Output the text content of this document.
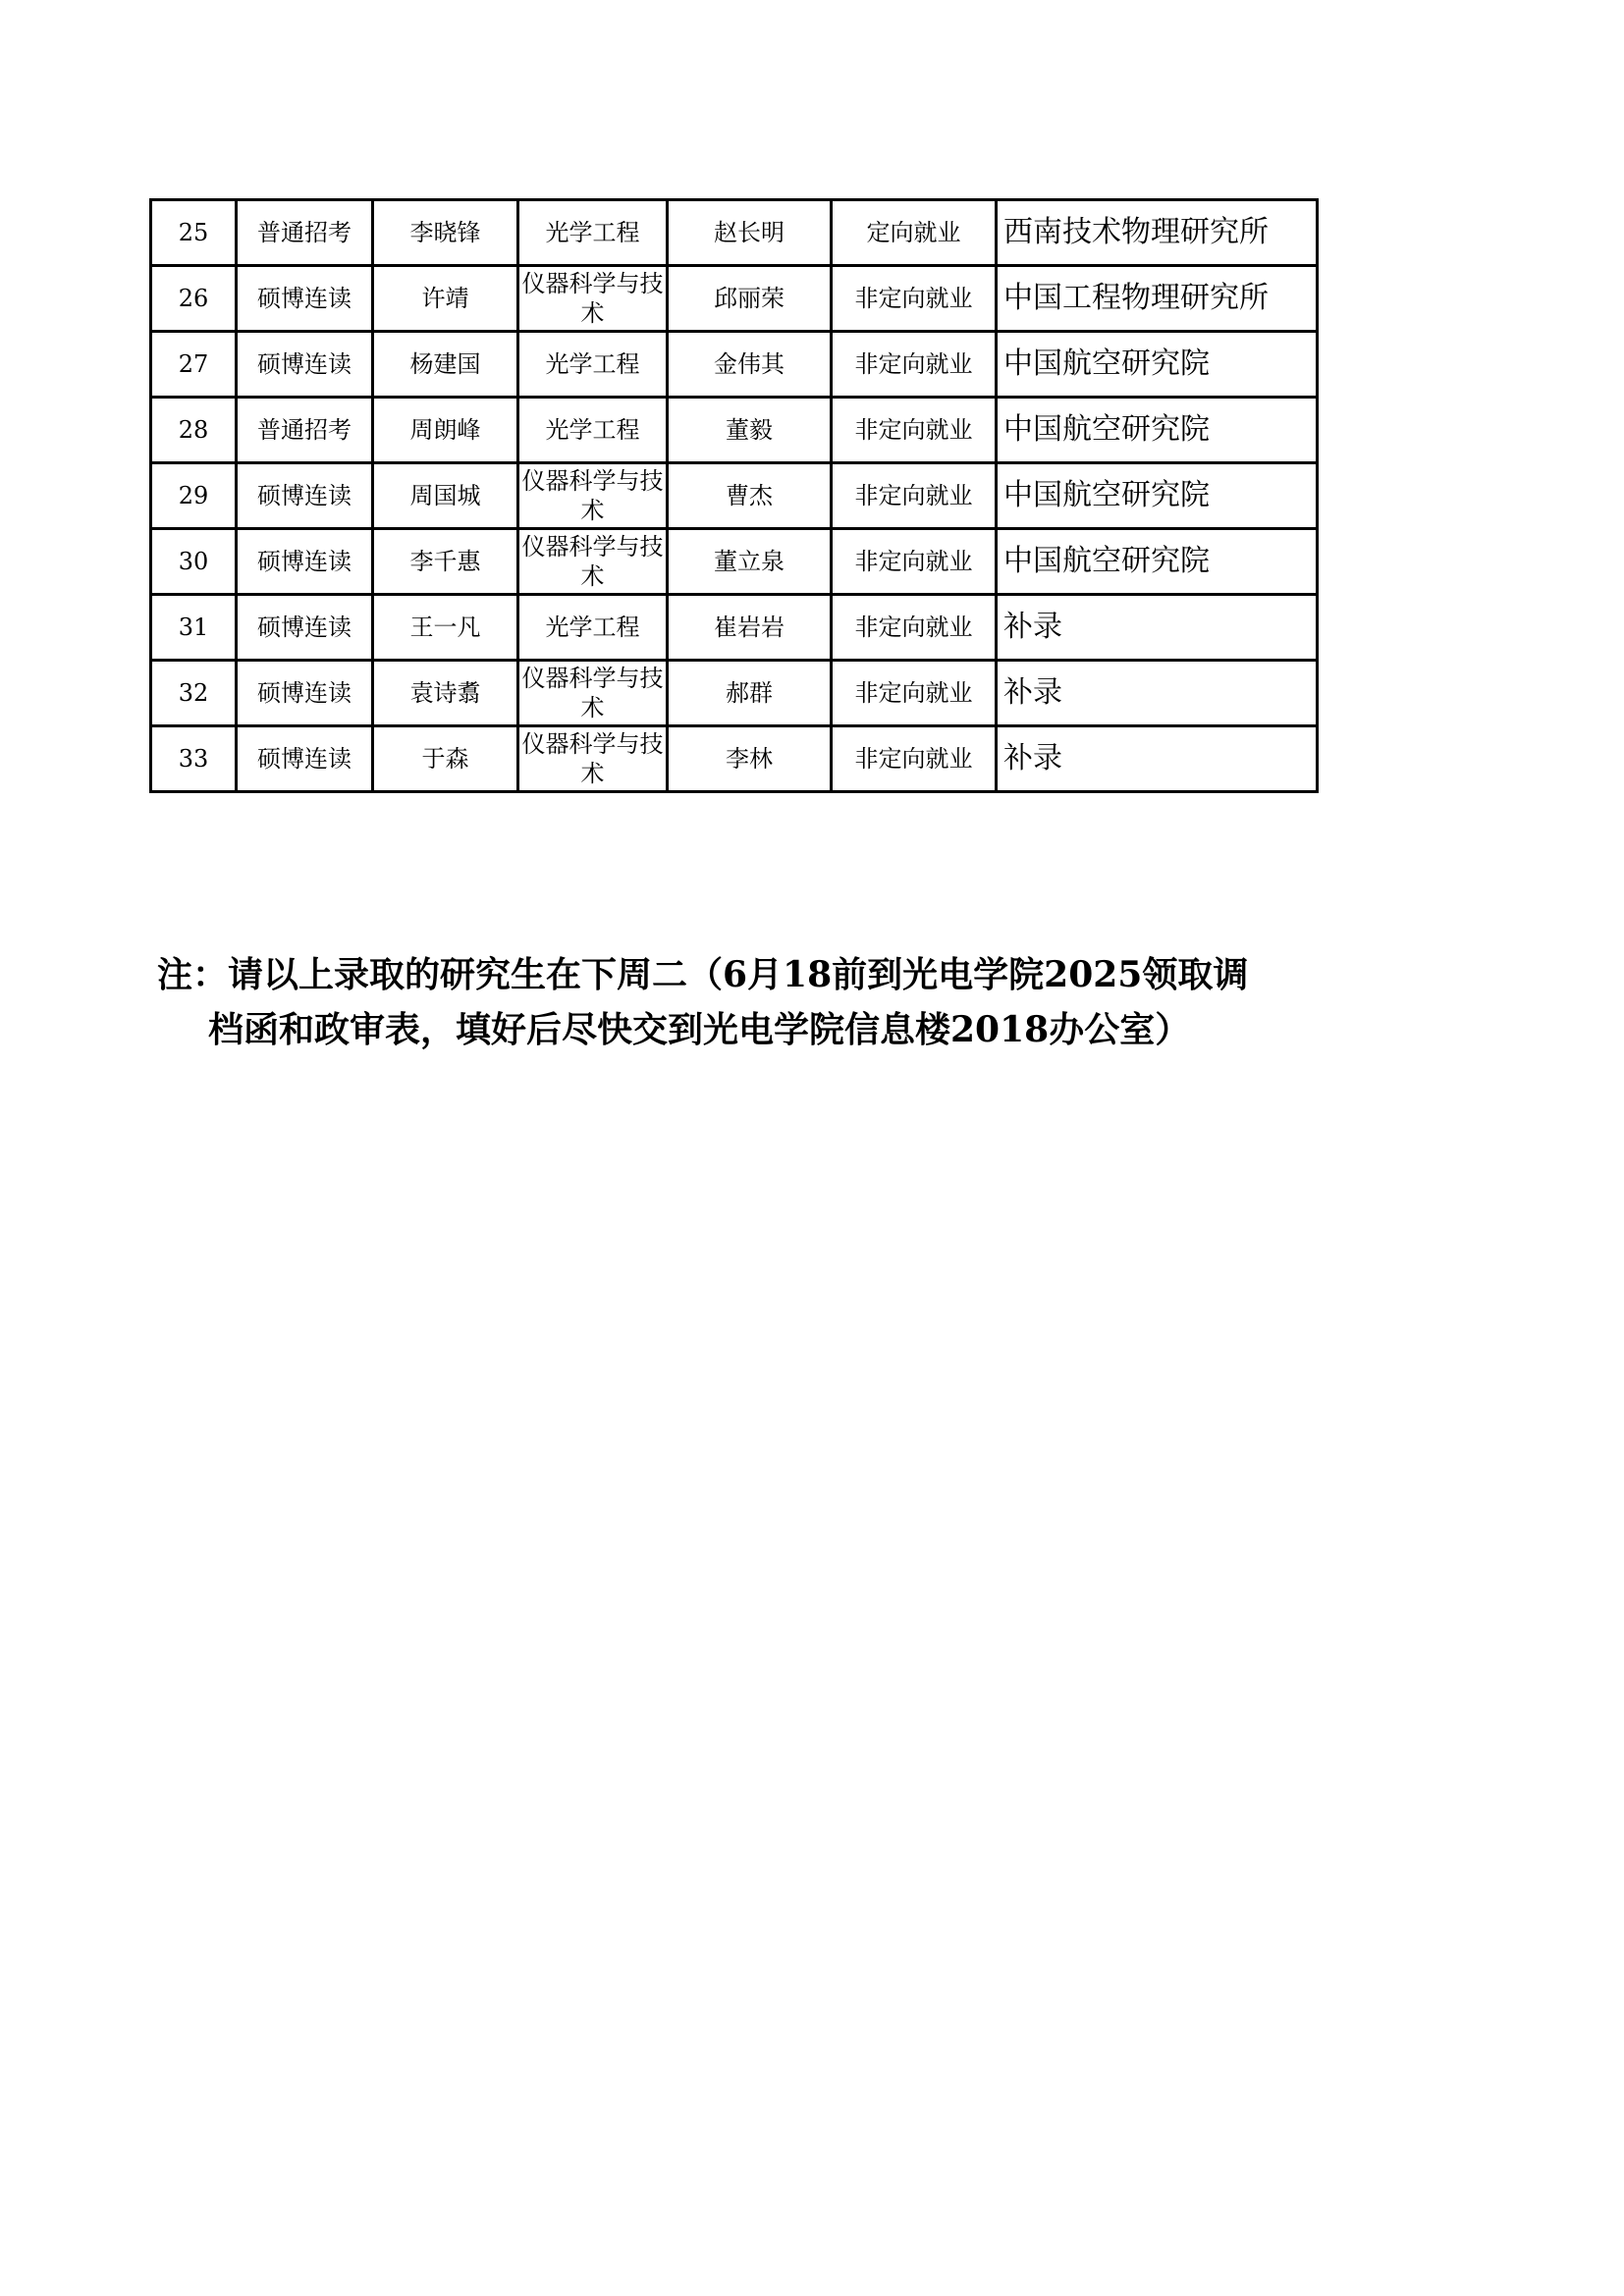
25	普通招考	李晓锋	光学工程	赵长明	定向就业	西南技术物理研究所
26	硕博连读	许靖	仪器科学与技术	邱丽荣	非定向就业	中国工程物理研究所
27	硕博连读	杨建国	光学工程	金伟其	非定向就业	中国航空研究院
28	普通招考	周朗峰	光学工程	董毅	非定向就业	中国航空研究院
29	硕博连读	周国城	仪器科学与技术	曹杰	非定向就业	中国航空研究院
30	硕博连读	李千惠	仪器科学与技术	董立泉	非定向就业	中国航空研究院
31	硕博连读	王一凡	光学工程	崔岩岩	非定向就业	补录
32	硕博连读	袁诗翥	仪器科学与技术	郝群	非定向就业	补录
33	硕博连读	于森	仪器科学与技术	李林	非定向就业	补录
注：请以上录取的研究生在下周二（6月18前到光电学院2025领取调
档函和政审表，填好后尽快交到光电学院信息楼2018办公室）
